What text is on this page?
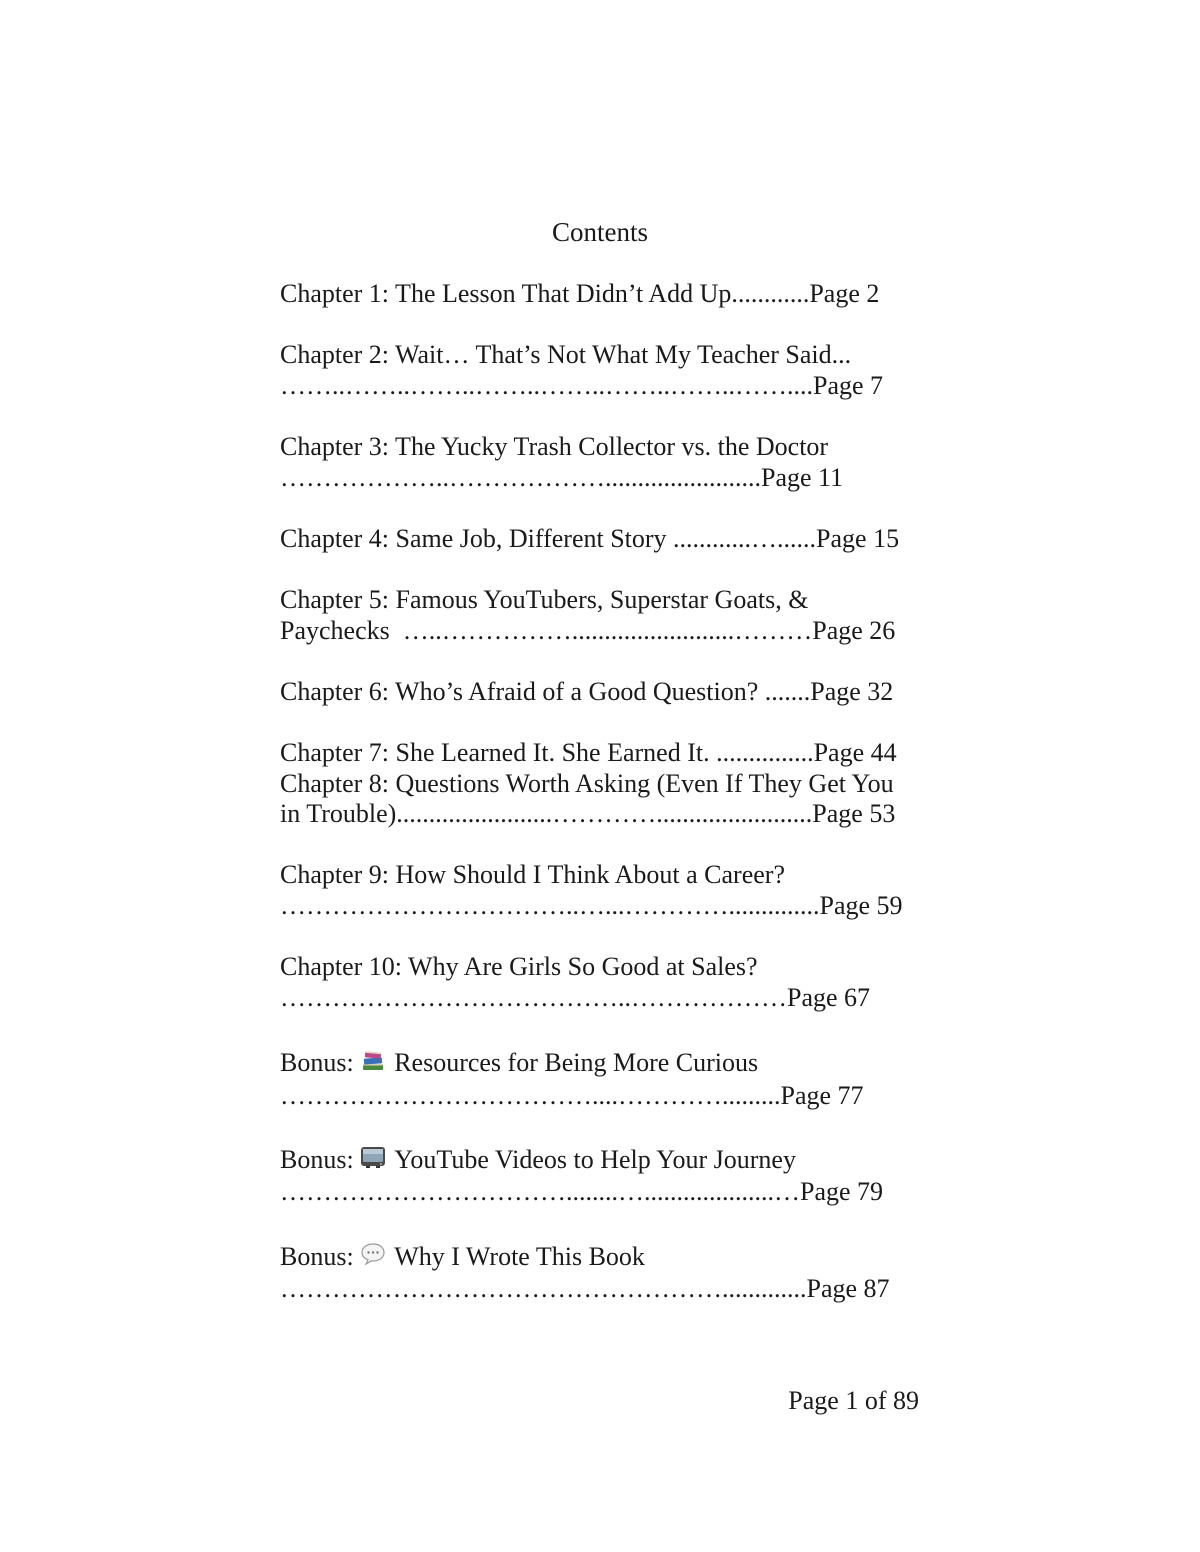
Contents
Chapter 1: The Lesson That Didn’t Add Up............Page 2
Chapter 2: Wait… That’s Not What My Teacher Said...
……..……..……..……..……..……..……..……....Page 7
Chapter 3: The Yucky Trash Collector vs. the Doctor
………………..………………........................Page 11
Chapter 4: Same Job, Different Story ............…......Page 15
Chapter 5: Famous YouTubers, Superstar Goats, &
Paychecks  …..…………….........................………Page 26
Chapter 6: Who’s Afraid of a Good Question? .......Page 32
Chapter 7: She Learned It. She Earned It. ...............Page 44
Chapter 8: Questions Worth Asking (Even If They Get You
in Trouble)........................…………........................Page 53
Chapter 9: How Should I Think About a Career?
……………………………..…...…………..............Page 59
Chapter 10: Why Are Girls So Good at Sales?
…………………………………..………………Page 67
Bonus: Resources for Being More Curious
………………………………....………….........Page 77
Bonus: YouTube Videos to Help Your Journey
……………………………........…....................…Page 79
Bonus: Why I Wrote This Book
…………………………………………….............Page 87
Page 1 of 89
